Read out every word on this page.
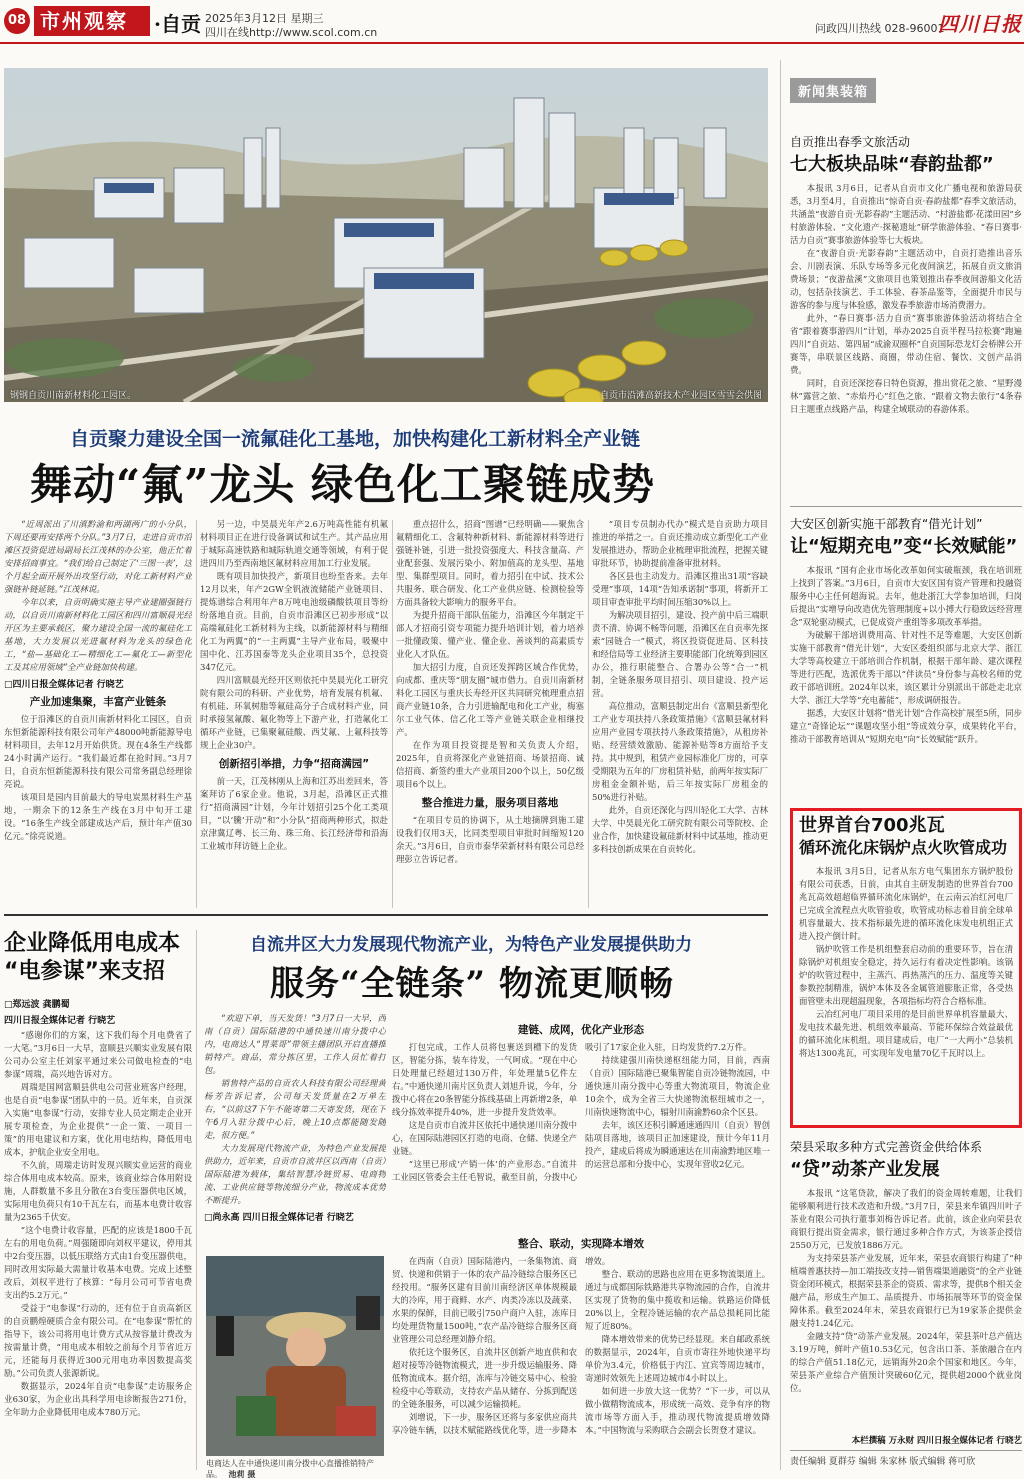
08 市州观察	·自贡 2025年3月12日 星期三
四川在线http://www.scol.com.cn	问政四川热线 028-96001
四川日报
钢钢自贡川南新材料化工园区。	自贡市沿滩高新技术产业园区雪雪会供图
自贡聚力建设全国一流氟硅化工基地，加快构建化工新材料全产业链
舞动“氟”龙头 绿色化工聚链成势

“近周派出了川滇黔渝和两湖两广的小分队，下周还要再安排两个分队。”3月7日，走进自贡市沿滩区投资促进局副局长江茂林的办公室，他正忙着安排招商事宜。“我们给自己制定了‘三图一表’，这个月起全面开展外出攻坚行动，对化工新材料产业强链补链延链。”江茂林说。

今年以来，自贡明确实施主导产业建圈强链行动，以自贡川南新材料化工园区和四川富顺晨光经开区为主要承载区，聚力建设全国一流的氟硅化工基地，大力发展以光进氟材料为龙头的绿色化工，“盐—基础化工—精细化工—氟化工—新型化工及其应用领域”全产业链加快构建。

□四川日报全媒体记者 行晓艺
产业加速集聚，丰富产业链条

位于沿滩区的自贡川南新材料化工园区，自贡东恒新能源科技有限公司年产48000吨新能源导电材料项目，去年12月开始供货。现在4条生产线都24小时满产运行。“我们最近都在抢时间。”3月7日，自贡东恒新能源科技有限公司常务副总经理徐亮说。

该项目是园内目前最大的导电炭黑材料生产基地，一期余下的12条生产线在3月中旬开工建设。“16条生产线全部建成达产后，预计年产值30亿元。”徐亮说道。

另一边，中昊晨光年产2.6万吨高性能有机氟材料项目正在进行设备调试和试生产。其产品应用于城际高速铁路和城际轨道交通等领域，有利于促进四川乃至西南地区氟材料应用加工行业发展。

既有项目加快投产，新项目也纷至沓来。去年12月以来，年产2GW全钒液流储能产业链项目、提炼谱综合利用年产8万吨电池级磷酸铁项目等纷纷落地自贡。目前，自贡市沿滩区已初步形成“以高端氟硅化工新材料为主线，以新能源材料与精细化工为两翼”的“一主两翼”主导产业布局，吸聚中国中化、江苏国泰等龙头企业项目35个，总投资347亿元。

四川富顺晨光经开区则依托中昊晨光化工研究院有限公司的科研、产业优势，培育发展有机氟、有机硅、环氧树脂等氟硅高分子合成材料产业，同时承接氢氟酸、氟化物等上下游产业，打造氟化工循环产业链，已集聚氟硅酸、西艾氟、上氟科技等规上企业30户。

创新招引举措，力争“招商满园”

前一天，江茂林刚从上海和江苏出差回来，答案拜访了6家企业。他说，3月起，沿滩区正式推行“招商满园”计划，今年计划招引25个化工类项目，“以‘騰’开动”和“小分队”招商两种形式，拟赴京津冀辽粤、长三角、珠三角、长江经济带和沿海工业城市拜访链上企业。

重点招什么，招商“图谱”已经明确——聚焦含氟精细化工、含氟特种新材料、新能源材料等进行强链补链，引进一批投资强度大、科技含量高、产业配套强、发展污染小、附加值高的龙头型、基地型、集群型项目。同时，着力招引在中试、技术公共服务、联合研发、化工产业供应链、检测检验等方面具备较大影响力的服务平台。

为提升招商干部队伍能力，沿滩区今年制定干部人才招商引资专项能力提升培训计划，着力培养一批懂政策、懂产业、懂企业、善谈判的高素质专业化人才队伍。

加大招引力度，自贡还发挥跨区域合作优势，向成都、重庆等“朋友圈”城市借力。自贡川南新材料化工园区与重庆长寿经开区共同研究梳理重点招商产业链10条，合力引进输配电和化工产业，梅塞尔工业气体、信乙化工等产业链关联企业相继投产。

在作为项目投资提是智和关负责人介绍，2025年，自贡将深化产业链招商、场景招商、诚信招商、新签约重大产业项目200个以上，50亿级项目6个以上。

整合推进力量，服务项目落地

“在项目专员的协调下，从土地摘牌到施工建设我们仅用3天，比同类型项目审批时间缩短120余天。”3月6日，自贡市泰华荣新材料有限公司总经理彭立告诉记者。

“项目专员制办代办”模式是自贡助力项目推进的举措之一。自贡还推动成立新型化工产业发展推进办，帮助企业梳理审批流程，把握关键审批环节，协助提前准备审批材料。

各区县也主动发力。沿滩区推出31项“容缺受理”事项，14项“告知承诺制”事项，将新开工项目审查审批平均时间压缩30%以上。

为解决项目招引，建设、投产前中后三端职责不清、协调不畅等问题，沿滩区在自贡率先探索“园链合一”模式，将区投资促进局、区科技和经信局等工业经济主要职能部门化统筹到园区办公，推行职能整合、合署办公等“合一”机制，全链条服务项目招引、项目建设、投产运营。

高位推动，富顺县制定出台《富顺县新型化工产业专项扶持八条政策措施》《富顺县氟材料应用产业园专项扶持八条政策措施》，从租房补贴、经营绩效激励、能源补贴等8方面给予支持。其中规到，租赁产业园标准化厂房的，可享受期限为五年的厂房租赁补贴，前两年按实际厂房租金金额补贴，后三年按实际厂房租金的50%进行补贴。

此外，自贡还深化与四川轻化工大学、吉林大学、中昊晨光化工研究院有限公司等院校、企业合作，加快建设氟硅新材料中试基地，推动更多科技创新成果在自贡转化。

企业降低用电成本
“电参谋”来支招
□郑远波 龚鹏蜀
四川日报全媒体记者 行晓艺

“感谢你们的方案，这下我们每个月电费省了一大笔。”3月6日一大早，富顺县兴顺实业发展有限公司办公室主任刘家平通过来公司做电检查的“电参谋”周瑞，高兴地告诉对方。

周瑞是国网富顺县供电公司营业班客户经理，也是自贡“电参谋”团队中的一员。近年来，自贡深入实施“电参谋”行动，安排专业人员定期走企业开展专项检查，为企业提供“一企一策、一项目一策”的用电建议和方案，优化用电结构，降低用电成本，护航企业安全用电。

不久前，周瑞走访时发现兴顺实业运营的商业综合体用电成本较高。原来，该商业综合体用附设施，人群数量不多且分散在3台变压器供电区域，实际用电负荷只有10千瓦左右，而基本电费计收容量为2365千伏安。

“这个电费计收容量，匹配的应该是1800千瓦左右的用电负荷。”周强随即向刘权平建议，停用其中2台变压器，以低压联络方式由1台变压器供电，同时改用实际最大需量计收基本电费。完成上述整改后，刘权平进行了核算：“每月公司可节省电费支出约5.2万元。”

受益于“电参谋”行动的，还有位于自贡高新区的自贡鹏煌硬质合金有限公司。在“电参谋”帮忙的指导下，该公司将用电计费方式从按容量计费改为按需量计费，“用电成本相较之前每个月节省近万元，还能每月获得近300元用电功率因数提高奖励。”公司负责人张源新说。

数据显示，2024年自贡“电参谋”走访服务企业630家，为企业出具科学用电诊断报告271份，全年助力企业降低用电成本780万元。

自流井区大力发展现代物流产业，为特色产业发展提供助力
服务“全链条” 物流更顺畅

“欢迎下单，当天发货！”3月7日一大早，西南（自贡）国际陆港的中通快速川南分拨中心内，电商达人“胃菜哥”带领主播团队开启直播推销特产。商品，常分拣区里，工作人员忙着打包。

销售特产品的自贡农人科技有限公司经理黄杨芳告诉记者，公司每天发货量在2万单左右，“以前这7下午不能寄第二天寄发货，现在下午6月入驻分拨中心后，晚上10点都能随发随走，很方便。”

大力发展现代物流产业，为特色产业发展提供助力，近年来，自贡市自流井区以西南（自贡）国际陆港为载体，集结智慧冷链贸易、电商物流、工业供应链等物流细分产业，物流成本优势不断提升。

□尚永高 四川日报全媒体记者 行晓艺
电商达人在中通快递川南分拨中心直播推销特产品。 池莉 摄
建链、成网，优化产业形态

打包完成，工作人员将包裹送到槽下的发货区，智能分拣，装车待发，一气呵成。“现在中心日处理量已经超过130万件，年处理量5亿件左右。”中通快递川南片区负责人刘旭升说，今年，分拨中心将在20条智能分拣线基础上再新增2条，单线分拣效率提升40%，进一步提升发货效率。

这是自贡市自流井区依托中通快递川南分拨中心，在国际陆港园区打造的电商、仓储、快递全产业链。

“这里已形成‘产销一体’的产业形态。”自流井工业园区管委会主任毛智说，截至目前，分拨中心吸引了17家企业入驻，日均发货约7.2万件。

持续建强川南快递枢纽能力同，目前，西南（自贡）国际陆港已聚集智能自贡冷链物流园，中通快速川南分拨中心等重大物流项目，物流企业10余个，成为全省三大快递物流枢纽城市之一，川南快速物流中心，辐射川南渝黔60余个区县。

去年，该区还积引瞬通速通四川（自贡）智创陆项目落地，该项目正加速建设，预计今年11月投产，建成后将成为瞬通速达在川南渝黔地区唯一的运营总部和分拨中心，实现年营收2亿元。

整合、联动，实现降本增效

在西南（自贡）国际陆港内，一条集物流、商贸、快递和供销于一体的农产品冷链综合服务区已经投用。“服务区建有目前川南经济区单体规模最大的冷库，用于商鲜、水产、肉类冷冻以及蔬菜、水果的保鲜，目前已吸引750户商户入驻，冻库日均处理货物量1500吨，”农产品冷链综合服务区商业管理公司总经理刘静介绍。

依托这个服务区，自流井区创新产地直供和农超对接等冷链物流模式，进一步升级运输服务、降低物流成本。据介绍，冻库与冷链交易中心、检验检疫中心等联动，支持农产品从储存、分拣到配送的全链条服务，可以减少运输损耗。

刘增说，下一步，服务区还将与多家供应商共享冷链车辆，以技术赋能路线优化等，进一步降本增效。

整合、联动的思路也应用在更多物流渠道上。通过与成都国际铁路港共享物流园的合作，自流井区实现了货物的集中揽收和运输。铁路运价降低20%以上，全程冷链运输的农产品总损耗同比能短了近80%。

降本增效带来的优势已经显现。来自邮政系统的数据显示，2024年，自贡市寄往外地快递平均单价为3.4元，价格低于内江、宜宾等周边城市，寄递时效领先上述周边城市4小时以上。

如何进一步放大这一优势？“下一步，可以从做小做精物流成本，形成统一高效、竞争有序的物流市场等方面入手，推动现代物流提质增效降本。”中国物流与采购联合会副会长贺登才建议。

新闻集装箱
自贡推出春季文旅活动
七大板块品味“春韵盐都”

本报讯 3月6日，记者从自贡市文化广播电视和旅游局获悉，3月至4月，自贡推出“惊奇自贡·春韵盐都”春季文旅活动，共涵盖“夜游自贡·光影春韵”主题活动、“村游盐都·花漾田园”乡村旅游体验、“文化遗产·探秘遗址”研学旅游体验、“春日赛事·活力自贡”赛事旅游体验等七大板块。

在“夜游自贡·光影春韵”主题活动中，自贡打造推出音乐会、川剧表演、乐队专场等多元化夜间演艺，拓展自贡文旅消费场景；“夜游盐溪”文旅项目也策划推出春季夜间游船文化活动，包括杂技演艺、手工体验、春茶品鉴等，全面提升市民与游客的参与度与体验感，激发春季旅游市场消费潜力。

此外，“春日赛事·活力自贡”赛事旅游体验活动将结合全省“跟着赛事游四川”计划，举办2025自贡半程马拉松赛“跑遍四川”自贡站、第四届“成渝双圈杯”自贡国际恐龙灯会桥牌公开赛等，串联景区线路、商圈，带动住宿、餐饮、文创产品消费。

同时，自贡还深挖春日特色资源，推出赏花之旅、“星野漫林”露营之旅、“赤焰丹心”红色之旅、“跟着文物去旅行”4条春日主题重点线路产品，构建全域联动的春游体系。

大安区创新实施干部教育“借光计划”
让“短期充电”变“长效赋能”

本报讯 “国有企业市场化改革如何实破瓶颈，我在培训班上找到了答案。”3月6日，自贡市大安区国有资产管理和投融资服务中心主任何超海说。去年，他赴浙江大学参加培训，归岗后提出“实增导向改造优先管理制度+以小搏大行稳致远经营理念”双轮驱动模式，已促成资产重组等多项改革举措。

为破解干部培训费用高、针对性不足等难题，大安区创新实施干部教育“借光计划”，大安区委组织部与北京大学、浙江大学等高校建立干部培训合作机制，根据干部年龄、建次课程等进行匹配，选派优秀干部以“伴读员”身份参与高校名师的党政干部培训班。2024年以来，该区累计分别派出干部赴走北京大学、浙江大学等“充电蓄能”，形成调研报告。

据悉，大安区计划将“借光计划”合作高校扩展至5所，同步建立“奇锋论坛”“课题攻坚小组”等成效分享，成果转化平台，推动干部教育培训从“短期充电”向“长效赋能”跃升。

世界首台700兆瓦
循环流化床锅炉点火吹管成功

本报讯 3月5日，记者从东方电气集团东方锅炉股份有限公司获悉，日前，由其自主研发制造的世界首台700兆瓦高效超超临界循环流化床锅炉，在云南云冶红河电厂已完成全流程点火吹管验收，吹管成功标志着目前全球单机容量最大、技术指标最先进的循环流化床发电机组正式进入投产倒计时。

锅炉吹管工作是机组整套启动前的重要环节，旨在清除锅炉对机组安全稳定，持久运行有着决定性影响。该锅炉的吹管过程中，主蒸汽、再热蒸汽的压力、温度等关键参数控制精准，锅炉本体及各金属管道膨胀正常，各受热面管壁未出现超温现象，各项指标均符合合格标准。

云冶红河电厂项目采用的是目前世界单机容量最大、发电技术最先进、机组效率最高、节能环保综合效益最优的循环流化床机组。项目建成后，电厂“一大两小”总装机将达1300兆瓦，可实现年发电量70亿千瓦时以上。

荣县采取多种方式完善资金供给体系
“贷”动茶产业发展

本报讯 “这笔贷款，解决了我们的资金周转难题，让我们能够顺利进行技术改造和升级。”3月7日，荣县来牟镇四川叶子茶业有限公司执行董事刘梅告诉记者。此前，该企业向荣县农商银行提出资金需求，银行通过多种合作方式，为该茶企授信2550万元，已发放1886万元。

为支持荣县茶产业发展，近年来，荣县农商银行构建了“种植端普惠扶持—加工端技改支持—销售端渠道融资”的全产业链资金闭环模式，根据荣县茶企的资质、需求等，提供8个相关金融产品，形成生产加工、品质提升、市场拓展等环节的资金保障体系。截至2024年末，荣县农商银行已为19家茶企提供金融支持1.24亿元。

金融支持“贷”动茶产业发展。2024年，荣县茶叶总产值达3.19万吨，鲜叶产值10.53亿元，包含出口茶、茶旅融合在内的综合产值51.18亿元，远销海外20余个国家和地区。今年，荣县茶产业综合产值预计突破60亿元，提供超2000个就业岗位。

本栏撰稿 万永财 四川日报全媒体记者 行晓艺
责任编辑 夏群芬 编辑 朱家林 版式编辑 蒋可欣
